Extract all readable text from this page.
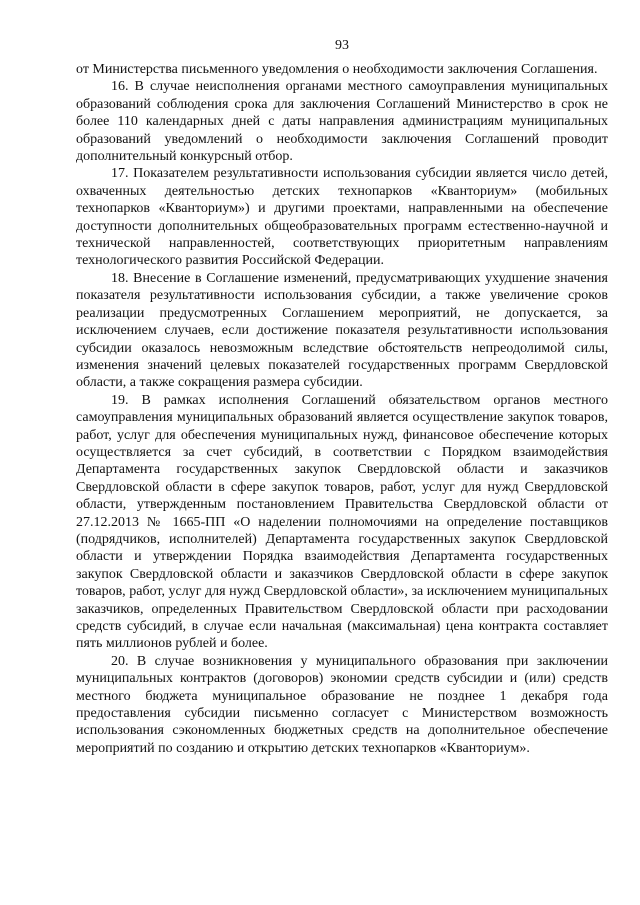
93

от Министерства письменного уведомления о необходимости заключения Соглашения.

16. В случае неисполнения органами местного самоуправления муниципальных образований соблюдения срока для заключения Соглашений Министерство в срок не более 110 календарных дней с даты направления администрациям муниципальных образований уведомлений о необходимости заключения Соглашений проводит дополнительный конкурсный отбор.

17. Показателем результативности использования субсидии является число детей, охваченных деятельностью детских технопарков «Кванториум» (мобильных технопарков «Кванториум») и другими проектами, направленными на обеспечение доступности дополнительных общеобразовательных программ естественно-научной и технической направленностей, соответствующих приоритетным направлениям технологического развития Российской Федерации.

18. Внесение в Соглашение изменений, предусматривающих ухудшение значения показателя результативности использования субсидии, а также увеличение сроков реализации предусмотренных Соглашением мероприятий, не допускается, за исключением случаев, если достижение показателя результативности использования субсидии оказалось невозможным вследствие обстоятельств непреодолимой силы, изменения значений целевых показателей государственных программ Свердловской области, а также сокращения размера субсидии.

19. В рамках исполнения Соглашений обязательством органов местного самоуправления муниципальных образований является осуществление закупок товаров, работ, услуг для обеспечения муниципальных нужд, финансовое обеспечение которых осуществляется за счет субсидий, в соответствии с Порядком взаимодействия Департамента государственных закупок Свердловской области и заказчиков Свердловской области в сфере закупок товаров, работ, услуг для нужд Свердловской области, утвержденным постановлением Правительства Свердловской области от 27.12.2013 № 1665-ПП «О наделении полномочиями на определение поставщиков (подрядчиков, исполнителей) Департамента государственных закупок Свердловской области и утверждении Порядка взаимодействия Департамента государственных закупок Свердловской области и заказчиков Свердловской области в сфере закупок товаров, работ, услуг для нужд Свердловской области», за исключением муниципальных заказчиков, определенных Правительством Свердловской области при расходовании средств субсидий, в случае если начальная (максимальная) цена контракта составляет пять миллионов рублей и более.

20. В случае возникновения у муниципального образования при заключении муниципальных контрактов (договоров) экономии средств субсидии и (или) средств местного бюджета муниципальное образование не позднее 1 декабря года предоставления субсидии письменно согласует с Министерством возможность использования сэкономленных бюджетных средств на дополнительное обеспечение мероприятий по созданию и открытию детских технопарков «Кванториум».
